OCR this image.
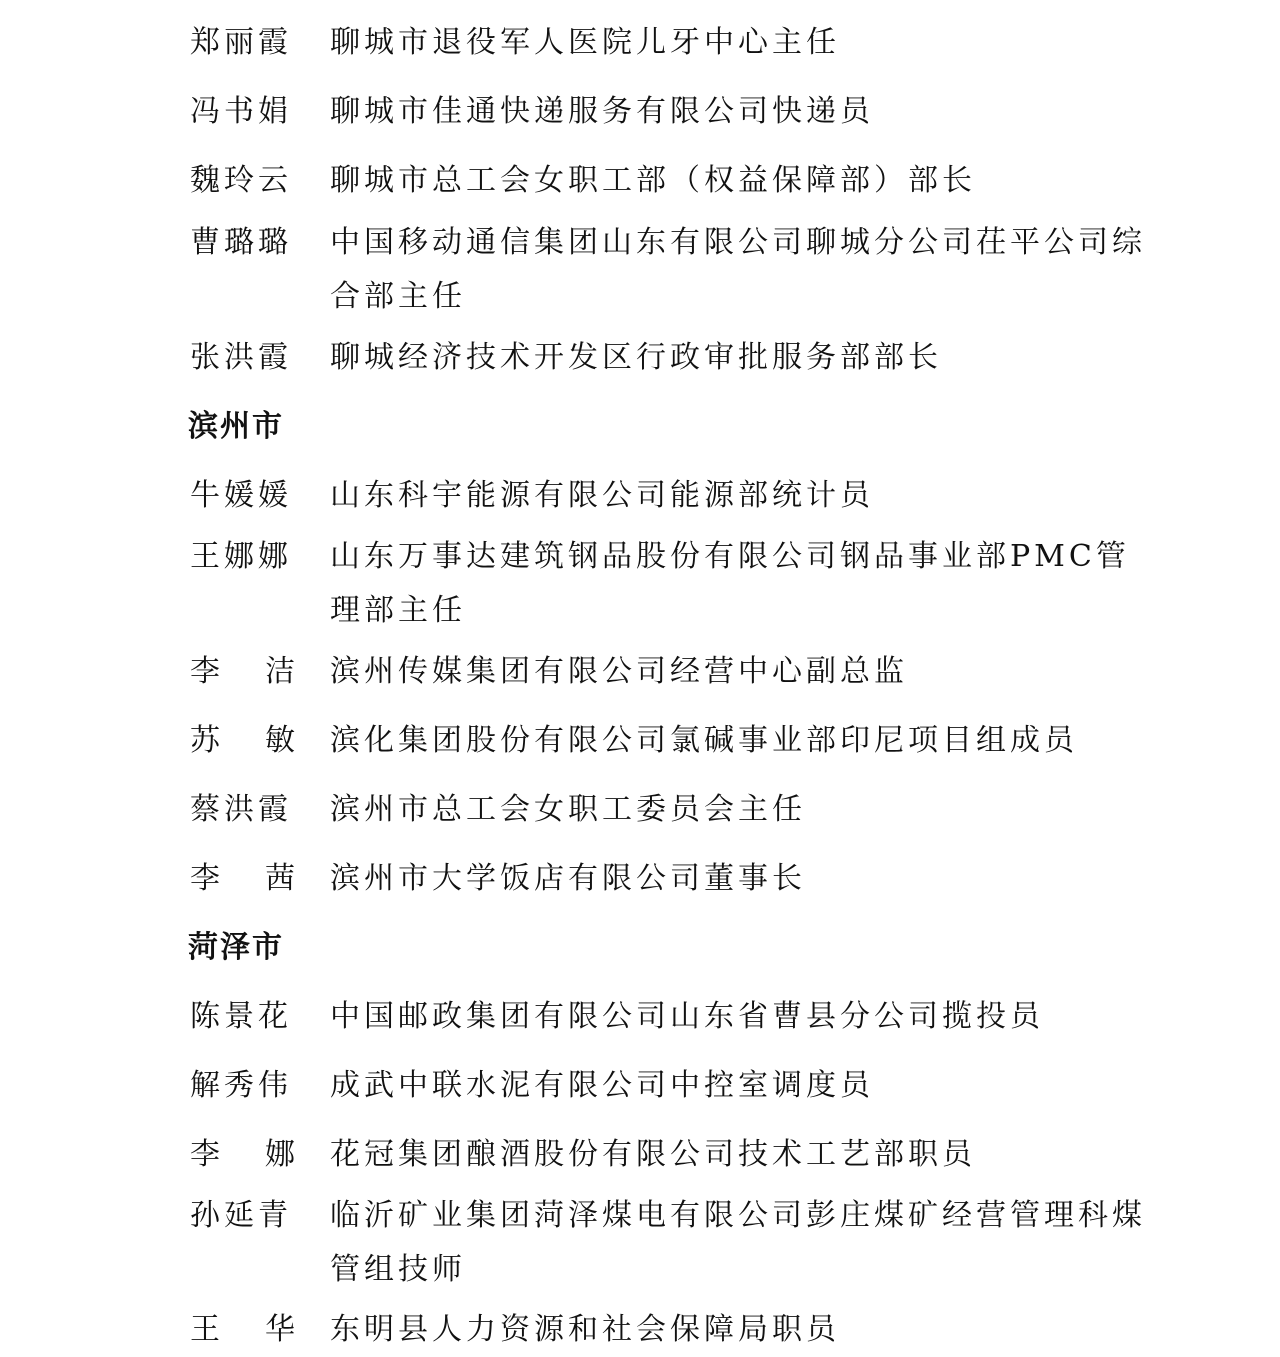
郑丽霞 聊城市退役军人医院儿牙中心主任
冯书娟 聊城市佳通快递服务有限公司快递员
魏玲云 聊城市总工会女职工部（权益保障部）部长
曹璐璐 中国移动通信集团山东有限公司聊城分公司茌平公司综合部主任
张洪霞 聊城经济技术开发区行政审批服务部部长
滨州市
牛媛媛 山东科宇能源有限公司能源部统计员
王娜娜 山东万事达建筑钢品股份有限公司钢品事业部PMC管理部主任
李洁
滨州传媒集团有限公司经营中心副总监
苏敏
滨化集团股份有限公司氯碱事业部印尼项目组成员
蔡洪霞 滨州市总工会女职工委员会主任
李茜
滨州市大学饭店有限公司董事长
菏泽市
陈景花 中国邮政集团有限公司山东省曹县分公司揽投员
解秀伟 成武中联水泥有限公司中控室调度员
李娜
花冠集团酿酒股份有限公司技术工艺部职员
孙延青 临沂矿业集团菏泽煤电有限公司彭庄煤矿经营管理科煤管组技师
王华
东明县人力资源和社会保障局职员
